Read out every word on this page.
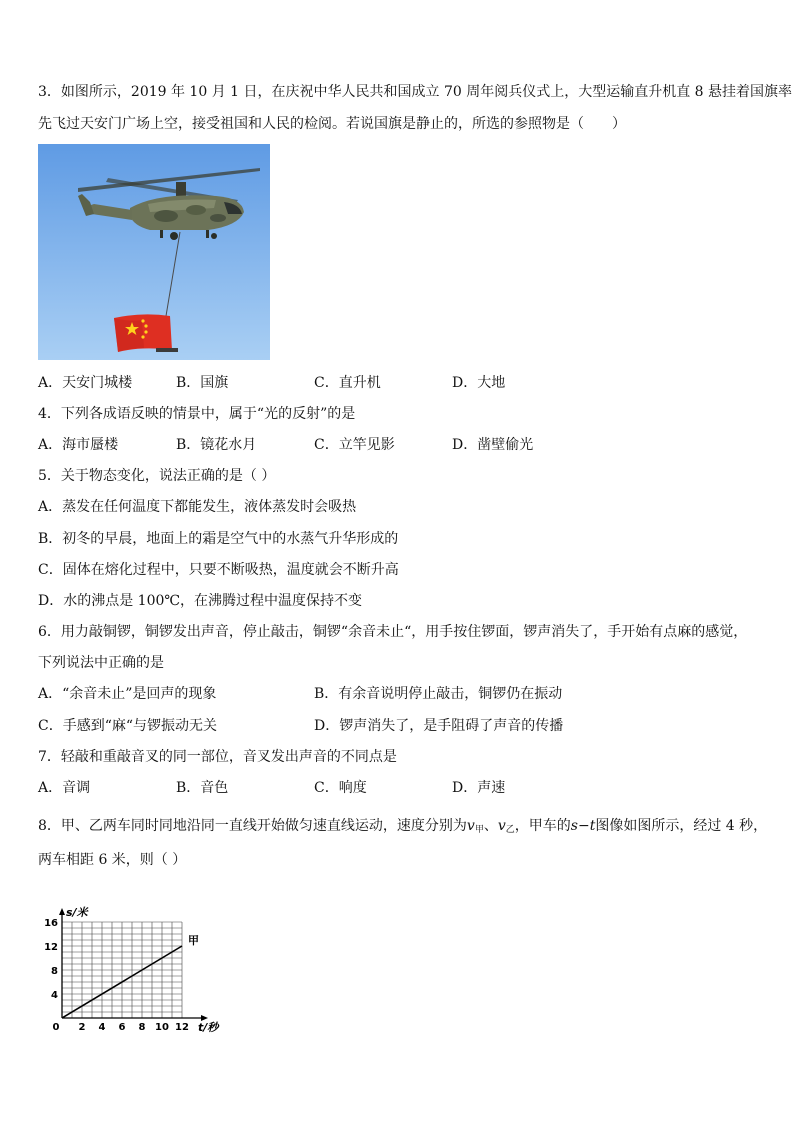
3．如图所示，2019 年 10 月 1 日，在庆祝中华人民共和国成立 70 周年阅兵仪式上，大型运输直升机直 8 悬挂着国旗率
先飞过天安门广场上空，接受祖国和人民的检阅。若说国旗是静止的，所选的参照物是（　　）
A．天安门城楼	B．国旗	C．直升机	D．大地
4．下列各成语反映的情景中，属于“光的反射”的是
A．海市蜃楼	B．镜花水月	C．立竿见影	D．凿壁偷光
5．关于物态变化，说法正确的是（ ）
A．蒸发在任何温度下都能发生，液体蒸发时会吸热
B．初冬的早晨，地面上的霜是空气中的水蒸气升华形成的
C．固体在熔化过程中，只要不断吸热，温度就会不断升高
D．水的沸点是 100℃，在沸腾过程中温度保持不变
6．用力敲铜锣，铜锣发出声音，停止敲击，铜锣“余音未止“，用手按住锣面，锣声消失了，手开始有点麻的感觉，
下列说法中正确的是
A．“余音未止”是回声的现象	B．有余音说明停止敲击，铜锣仍在振动
C．手感到“麻“与锣振动无关	D．锣声消失了，是手阻碍了声音的传播
7．轻敲和重敲音叉的同一部位，音叉发出声音的不同点是
A．音调	B．音色	C．响度	D．声速
8．甲、乙两车同时同地沿同一直线开始做匀速直线运动，速度分别为$v_甲$、$v_乙$，甲车的s−t图像如图所示，经过 4 秒，
两车相距 6 米，则（ ）
0 2 4 6 8 10 12
4
8
12
16
甲
s/米
t/秒
